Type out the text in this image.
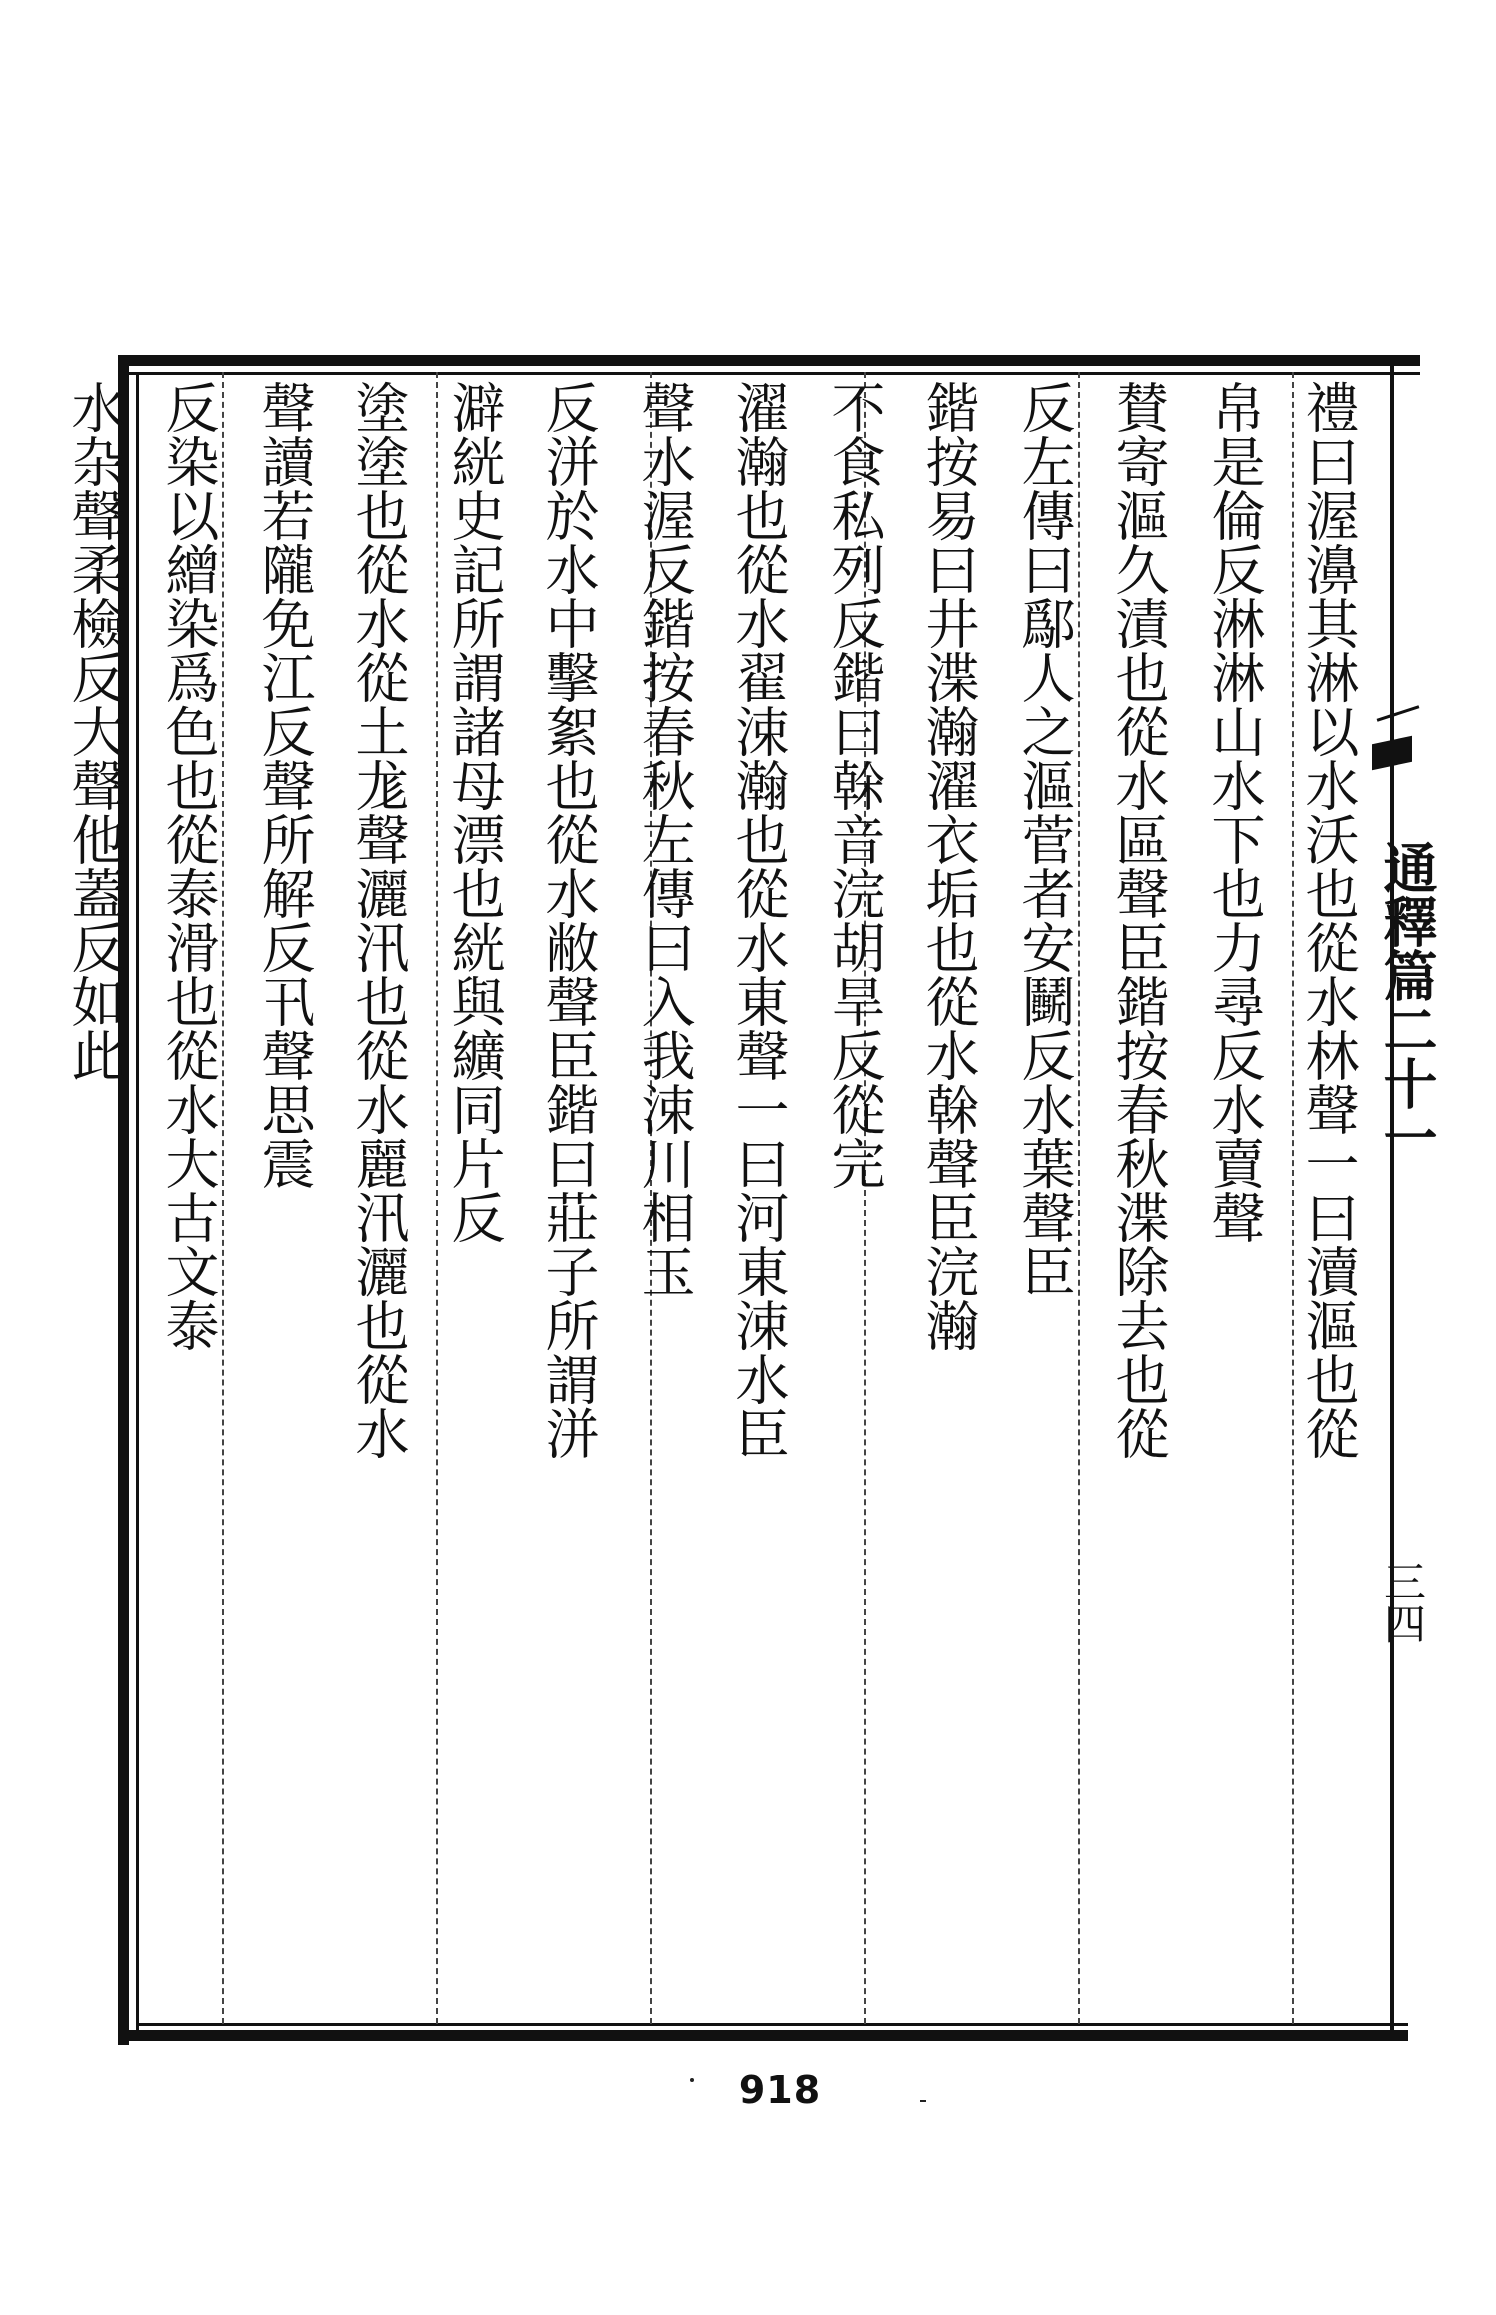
禮曰渥濞其淋以水沃也從水林聲一曰瀆漚也從
帛是倫反淋淋山水下也力尋反水賣聲
賛寄漚久漬也從水區聲臣鍇按春秋渫除去也從
反左傳曰鄬人之漚菅者安鬭反水葉聲臣
鍇按易曰井渫瀚濯衣垢也從水榦聲臣浣瀚
不食私列反鍇曰榦音浣胡旱反從完
濯瀚也從水翟涑瀚也從水東聲一曰河東涑水臣
聲水渥反鍇按春秋左傳曰入我涑川相玉
反洴於水中擊絮也從水敝聲臣鍇曰莊子所謂洴
澼絖史記所謂諸母漂也絖與纊同片反
塗塗也從水從土尨聲灑汛也從水麗汛灑也從水
聲讀若隴免江反聲所解反卂聲思震
反染以繒染爲色也從泰滑也從水大古文泰
水杂聲柔檢反大聲他蓋反如此	通釋篇二十一
三四
918
